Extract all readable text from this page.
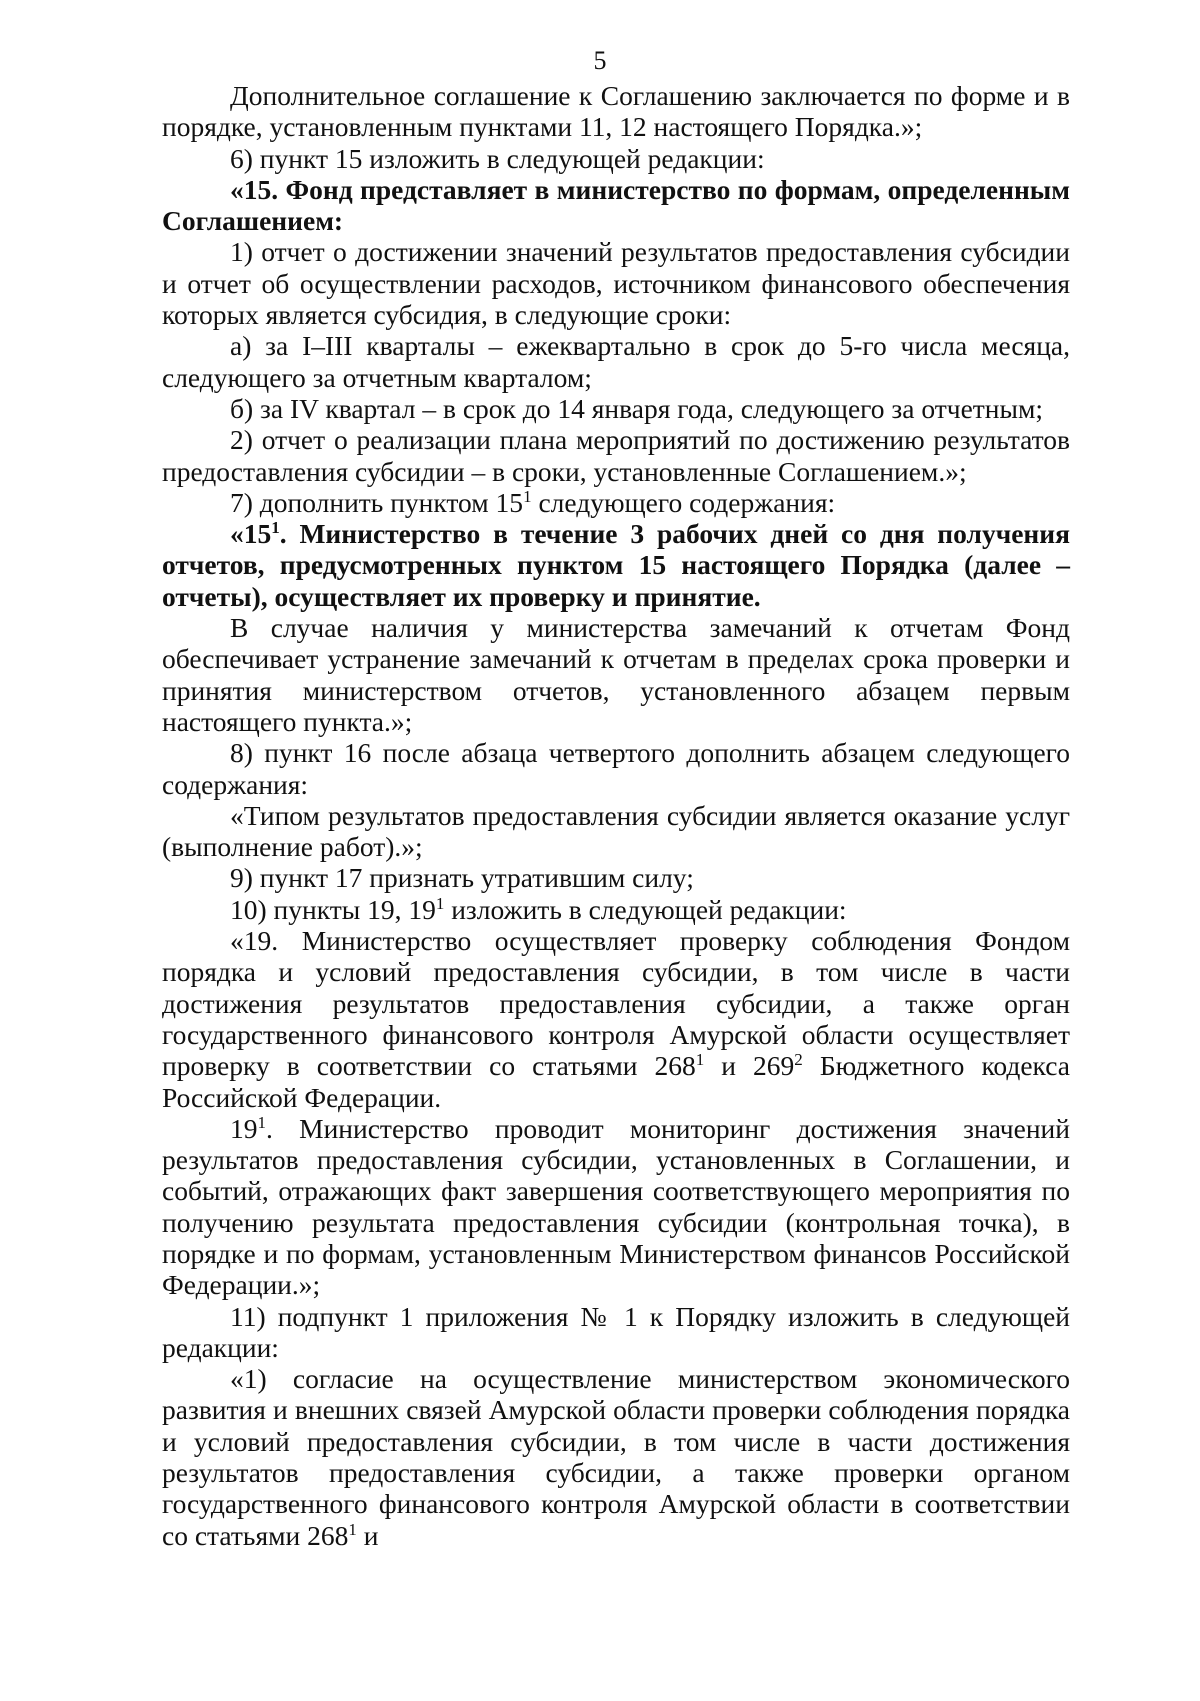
5

Дополнительное соглашение к Соглашению заключается по форме и в порядке, установленным пунктами 11, 12 настоящего Порядка.»;

6) пункт 15 изложить в следующей редакции:

«15. Фонд представляет в министерство по формам, определенным Соглашением:

1) отчет о достижении значений результатов предоставления субсидии и отчет об осуществлении расходов, источником финансового обеспечения которых является субсидия, в следующие сроки:

а) за I–III кварталы – ежеквартально в срок до 5-го числа месяца, следующего за отчетным кварталом;

б) за IV квартал – в срок до 14 января года, следующего за отчетным;

2) отчет о реализации плана мероприятий по достижению результатов предоставления субсидии – в сроки, установленные Соглашением.»;

7) дополнить пунктом $15^1$ следующего содержания:

«$15^1$. Министерство в течение 3 рабочих дней со дня получения отчетов, предусмотренных пунктом 15 настоящего Порядка (далее – отчеты), осуществляет их проверку и принятие.

В случае наличия у министерства замечаний к отчетам Фонд обеспечивает устранение замечаний к отчетам в пределах срока проверки и принятия министерством отчетов, установленного абзацем первым настоящего пункта.»;

8) пункт 16 после абзаца четвертого дополнить абзацем следующего содержания:

«Типом результатов предоставления субсидии является оказание услуг (выполнение работ).»;

9) пункт 17 признать утратившим силу;

10) пункты 19, $19^1$ изложить в следующей редакции:

«19. Министерство осуществляет проверку соблюдения Фондом порядка и условий предоставления субсидии, в том числе в части достижения результатов предоставления субсидии, а также орган государственного финансового контроля Амурской области осуществляет проверку в соответствии со статьями $268^1$ и $269^2$ Бюджетного кодекса Российской Федерации.

$19^1$. Министерство проводит мониторинг достижения значений результатов предоставления субсидии, установленных в Соглашении, и событий, отражающих факт завершения соответствующего мероприятия по получению результата предоставления субсидии (контрольная точка), в порядке и по формам, установленным Министерством финансов Российской Федерации.»;

11) подпункт 1 приложения № 1 к Порядку изложить в следующей редакции:

«1) согласие на осуществление министерством экономического развития и внешних связей Амурской области проверки соблюдения порядка и условий предоставления субсидии, в том числе в части достижения результатов предоставления субсидии, а также проверки органом государственного финансового контроля Амурской области в соответствии со статьями $268^1$ и
